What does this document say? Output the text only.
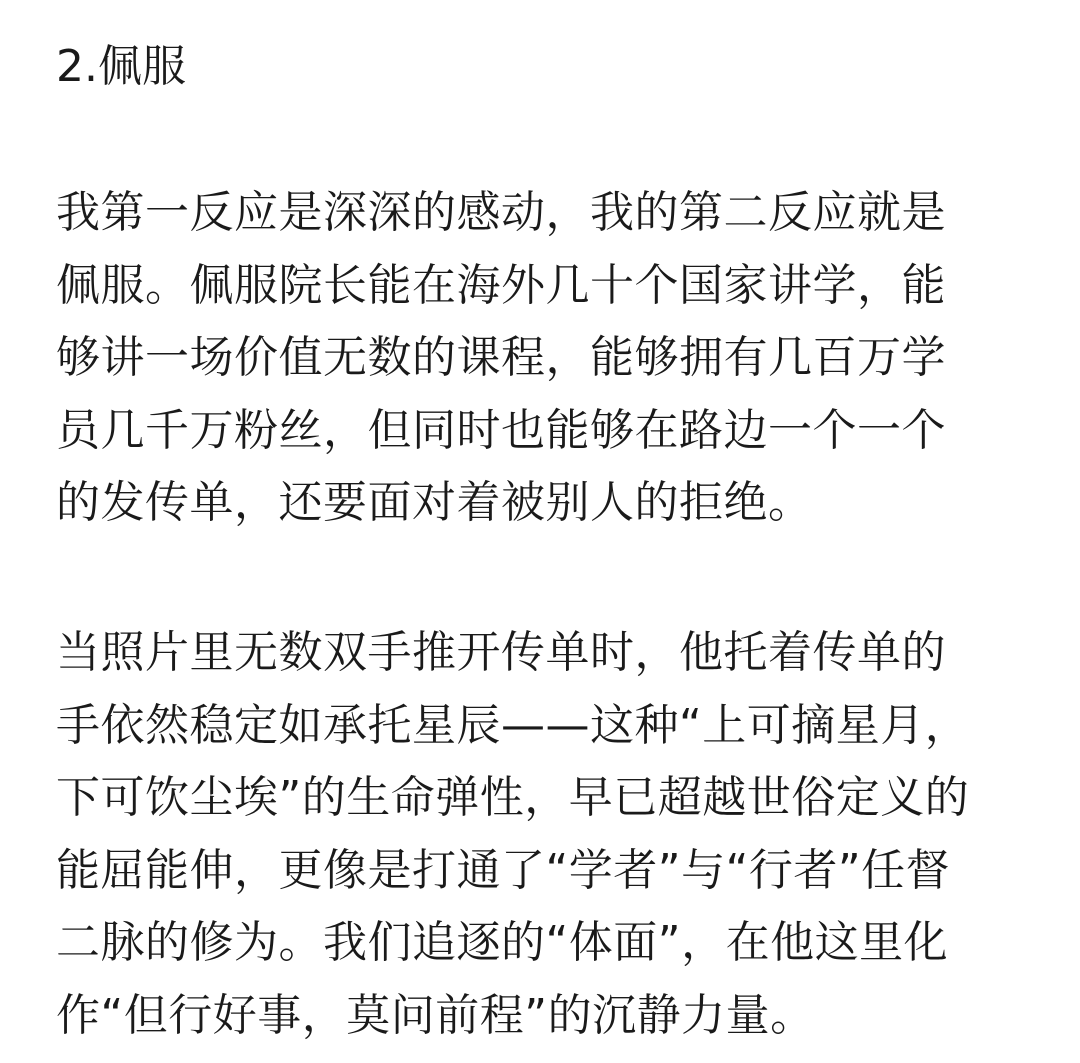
2.佩服
我第一反应是深深的感动，我的第二反应就是
佩服。佩服院长能在海外几十个国家讲学，能
够讲一场价值无数的课程，能够拥有几百万学
员几千万粉丝，但同时也能够在路边一个一个
的发传单，还要面对着被别人的拒绝。
当照片里无数双手推开传单时，他托着传单的
手依然稳定如承托星辰——这种“上可摘星月，
下可饮尘埃”的生命弹性，早已超越世俗定义的
能屈能伸，更像是打通了“学者”与“行者”任督
二脉的修为。我们追逐的“体面”，在他这里化
作“但行好事，莫问前程”的沉静力量。
